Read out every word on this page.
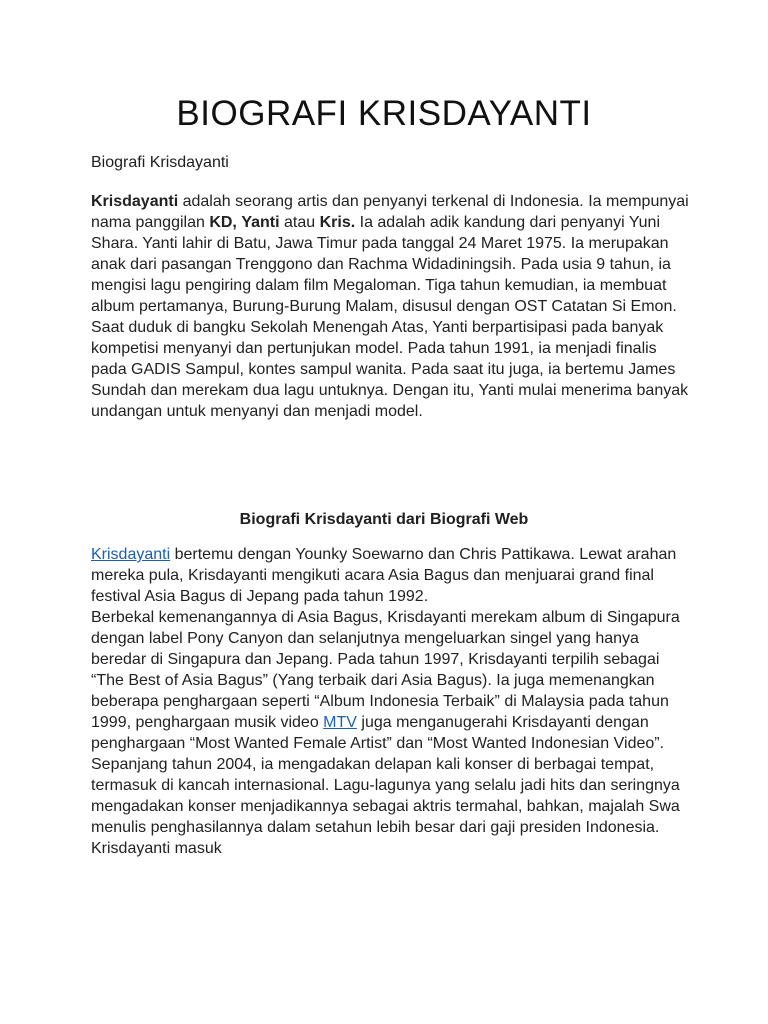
BIOGRAFI KRISDAYANTI

Biografi Krisdayanti

Krisdayanti adalah seorang artis dan penyanyi terkenal di Indonesia. Ia mempunyai nama panggilan KD, Yanti atau Kris. Ia adalah adik kandung dari penyanyi Yuni Shara. Yanti lahir di Batu, Jawa Timur pada tanggal 24 Maret 1975. Ia merupakan anak dari pasangan Trenggono dan Rachma Widadiningsih. Pada usia 9 tahun, ia mengisi lagu pengiring dalam film Megaloman. Tiga tahun kemudian, ia membuat album pertamanya, Burung-Burung Malam, disusul dengan OST Catatan Si Emon. Saat duduk di bangku Sekolah Menengah Atas, Yanti berpartisipasi pada banyak kompetisi menyanyi dan pertunjukan model. Pada tahun 1991, ia menjadi finalis pada GADIS Sampul, kontes sampul wanita. Pada saat itu juga, ia bertemu James Sundah dan merekam dua lagu untuknya. Dengan itu, Yanti mulai menerima banyak undangan untuk menyanyi dan menjadi model.

Biografi Krisdayanti dari Biografi Web

Krisdayanti bertemu dengan Younky Soewarno dan Chris Pattikawa. Lewat arahan mereka pula, Krisdayanti mengikuti acara Asia Bagus dan menjuarai grand final festival Asia Bagus di Jepang pada tahun 1992.
Berbekal kemenangannya di Asia Bagus, Krisdayanti merekam album di Singapura dengan label Pony Canyon dan selanjutnya mengeluarkan singel yang hanya beredar di Singapura dan Jepang. Pada tahun 1997, Krisdayanti terpilih sebagai “The Best of Asia Bagus” (Yang terbaik dari Asia Bagus). Ia juga memenangkan beberapa penghargaan seperti “Album Indonesia Terbaik” di Malaysia pada tahun 1999, penghargaan musik video MTV juga menganugerahi Krisdayanti dengan penghargaan “Most Wanted Female Artist” dan “Most Wanted Indonesian Video”. Sepanjang tahun 2004, ia mengadakan delapan kali konser di berbagai tempat, termasuk di kancah internasional. Lagu-lagunya yang selalu jadi hits dan seringnya mengadakan konser menjadikannya sebagai aktris termahal, bahkan, majalah Swa menulis penghasilannya dalam setahun lebih besar dari gaji presiden Indonesia. Krisdayanti masuk
